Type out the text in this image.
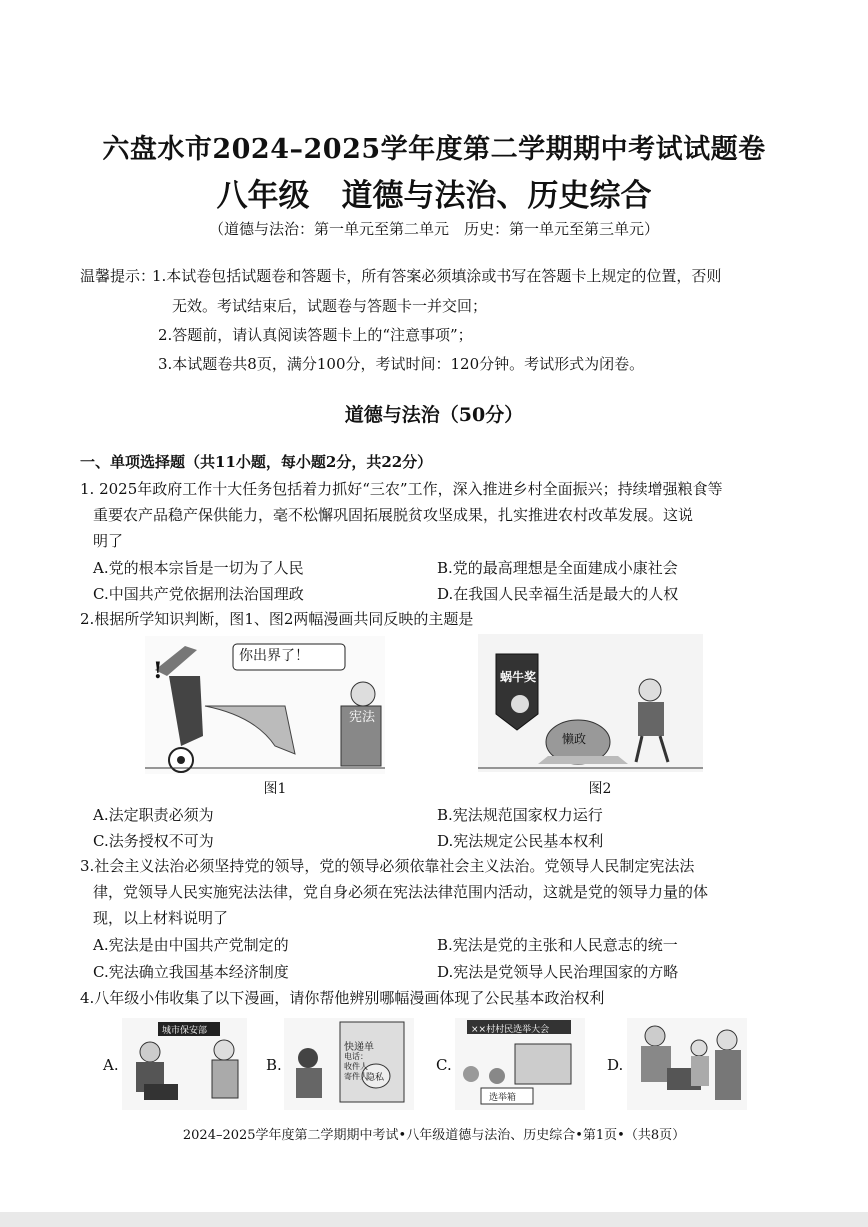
六盘水市2024–2025学年度第二学期期中考试试题卷
八年级 道德与法治、历史综合
（道德与法治：第一单元至第二单元　历史：第一单元至第三单元）
温馨提示：
1.本试卷包括试题卷和答题卡，所有答案必须填涂或书写在答题卡上规定的位置，否则
无效。考试结束后，试题卷与答题卡一并交回；
2.答题前，请认真阅读答题卡上的“注意事项”；
3.本试题卷共8页，满分100分，考试时间：120分钟。考试形式为闭卷。
道德与法治（50分）
一、单项选择题（共11小题，每小题2分，共22分）
1. 2025年政府工作十大任务包括着力抓好“三农”工作，深入推进乡村全面振兴；持续增强粮食等
重要农产品稳产保供能力，毫不松懈巩固拓展脱贫攻坚成果，扎实推进农村改革发展。这说
明了
A.党的根本宗旨是一切为了人民	B.党的最高理想是全面建成小康社会
C.中国共产党依据刑法治国理政	D.在我国人民幸福生活是最大的人权
2.根据所学知识判断，图1、图2两幅漫画共同反映的主题是
你出界了！
宪法
!
图1
蜗牛奖
懒政
图2
A.法定职责必须为	B.宪法规范国家权力运行
C.法务授权不可为	D.宪法规定公民基本权利
3.社会主义法治必须坚持党的领导，党的领导必须依靠社会主义法治。党领导人民制定宪法法
律，党领导人民实施宪法法律，党自身必须在宪法法律范围内活动，这就是党的领导力量的体
现，以上材料说明了
A.宪法是由中国共产党制定的	B.宪法是党的主张和人民意志的统一
C.宪法确立我国基本经济制度	D.宪法是党领导人民治理国家的方略
4.八年级小伟收集了以下漫画，请你帮他辨别哪幅漫画体现了公民基本政治权利
A.
城市保安部
B.
快递单
电话：
收件人
寄件人
隐私
C.
××村村民选举大会
选举箱
D.
2024–2025学年度第二学期期中考试•八年级道德与法治、历史综合•第1页•（共8页）
